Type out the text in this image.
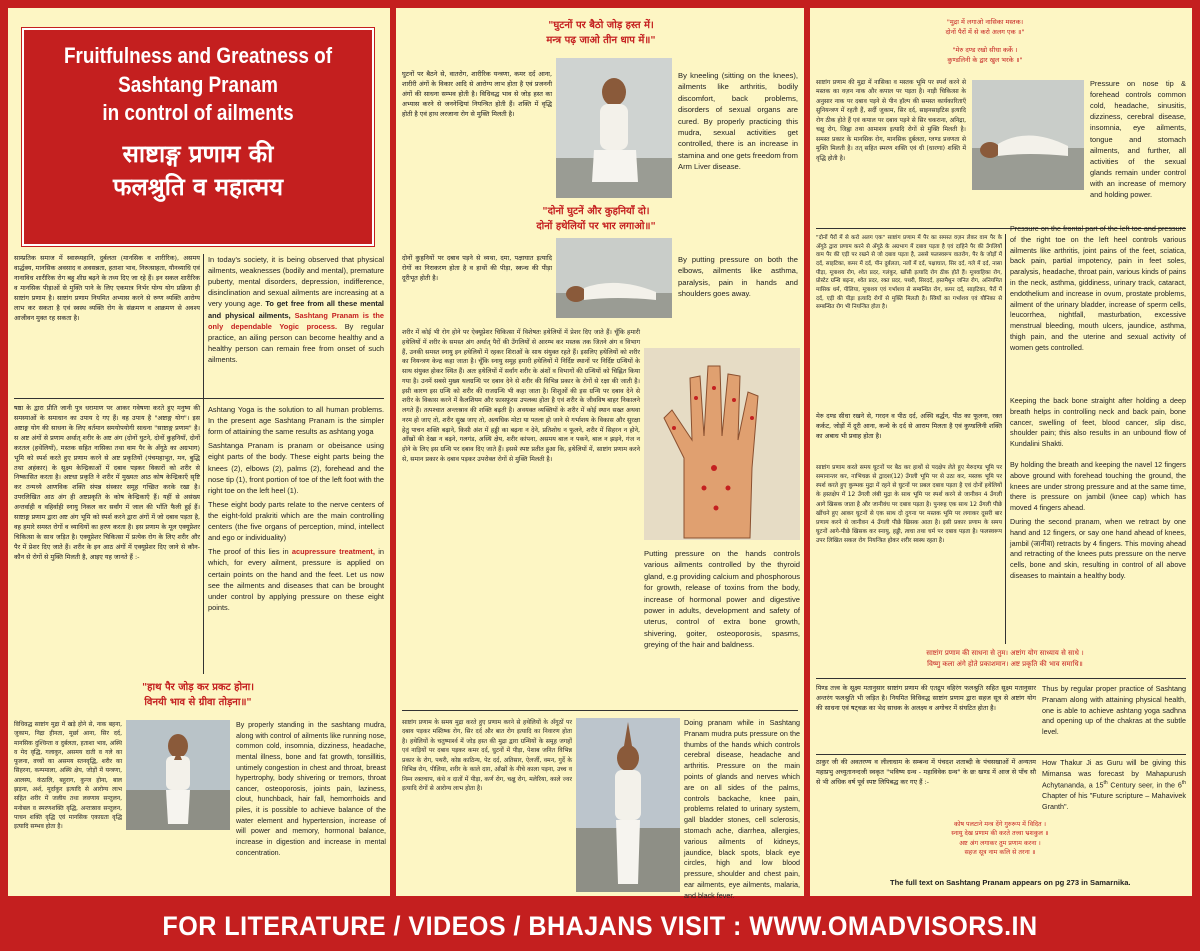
Fruitfulness and Greatness of
Sashtang Pranam
in control of ailments
साष्टाङ्ग प्रणाम की
फलश्रुति व महात्मय
साम्प्रतिक समाज में स्वास्थ्यहानि, दुर्बलता (मानसिक व शारीरिक), असमय वार्द्धक्य, मानसिक अवसाद व अवसन्नता, हताशा भाव, निरुत्साहता, यौनव्याधि एवं नानाविध शारीरिक रोग बहु शीघ्र बढ़ने के तथ्य दिए जा रहे हैं। इन सकल शारीरिक व मानसिक पीड़ाओं से मुक्ति पाने के लिए एकमात्र निर्भर योग्य योग प्रक्रिया ही साष्टांग प्रणाम है। साष्टांग प्रणाम नियमित अभ्यास करने से रुग्ण व्यक्ति आरोग्य लाभ कर सकता है एवं स्वस्थ व्यक्ति रोग के संक्रमण व आक्रमण से अवश्य आजीवन मुक्त रह सकता है।
In today's society, it is being observed that physical ailments, weaknesses (bodily and mental), premature puberty, mental disorders, depression, indifference, disinclination and sexual ailments are increasing at a very young age. To get free from all these mental and physical ailments, Sashtang Pranam is the only dependable Yogic process. By regular practice, an ailing person can become healthy and a healthy person can remain free from onset of such ailments.
षष्ठा के द्वारा प्रीति जानी पुत्र धरामाण पर आकर गवेषणा करते हुए मनुष्य की समस्याओं के समाधान का उपाय दे गए हैं। वह उपाय है "अष्टाङ्ग योग"। इस अष्टाङ्ग योग की साधना के लिए वर्तमान समयोपयोगी साधना "साष्टाङ्ग प्रणाम" है। स अष्ट अंगों से प्रणाम अर्थात् शरीर के अष्ट अंग (दोनों घुटने, दोनों कुहनियाँ, दोनों करतल (हथेलियाँ), मस्तक सहित नासिका तथा वाम पैर के अँगूठे का अग्रभाग) भूमि को स्पर्श करते हुए प्रणाम करने से अष्ट प्रकृतियों (पंचमहाभूत, मन, बुद्धि तथा अहंकार) के सूक्ष्म केन्द्रिकाओं में दबाव पड़कर विकारों को शरीर से निष्कासित करता है। अष्टधा प्रकृति ने शरीर में मुख्यतः आठ कोष केन्द्रिकाएँ सृष्टि कर तन्मध्ये आणविक शक्ति संपन्न संस्कार समूह गच्छित करके रखा है। उपरलिखित आठ अंग ही अष्टप्रकृति के कोष केन्द्रिकाएँ हैं। यहीं से असंख्य अन्तर्वाही व वहिर्वाही स्नायु निकल कर सर्वांग में जाल की भाँति फैली हुई हैं। साष्टाङ्ग प्रणाम द्वारा अष्ट अंग भूमि को स्पर्श करने द्वारा अंगों में जो दबाव पड़ता है, वह हमारे समस्त रोगों व व्याधियों का हरण करता है। इस प्रणाम के मूल एक्यूप्रेशर चिकित्सा के साथ जड़ित है। एक्यूप्रेशर चिकित्सा में प्रत्येक रोग के लिए शरीर और पैर में प्रेशर दिए जाते हैं। शरीर के इन आठ अंगों में एक्यूप्रेशर दिए जाने से कौन-कौन से रोगों से मुक्ति मिलती है, आइए यह जानते हैं :-

Ashtang Yoga is the solution to all human problems. In the present age Sashtang Pranam is the simpler form of attaining the same results as ashtang yoga

Sashtanga Pranam is pranam or obeisance using eight parts of the body. These eight parts being the knees (2), elbows (2), palms (2), forehead and the nose tip (1), front portion of toe of the left foot with the right toe on the left heel (1).

These eight body parts relate to the nerve centers of the eight-fold prakriti which are the main controlling centers (the five organs of perception, mind, intellect and ego or individuality)

The proof of this lies in acupressure treatment, in which, for every ailment, pressure is applied on certain points on the hand and the feet. Let us now see the ailments and diseases that can be brought under control by applying pressure on these eight points.

"हाथ पैर जोड़ कर प्रकट होना।
विनयी भाव से ग्रीवा तोड़ना॥"
विधिवद्ध साष्टांग मुद्रा में खड़े होने से, नाक बहना, जुकाम, निद्रा हीनता, मूर्छा आना, सिर दर्द, मानसिक दुश्चिन्ता व दुर्बलता, हताशा भाव, अस्थि व मेद वृद्धि, गलाकुर, असमय दाती व गले का फूलना, वच्चों का असमय स्तनवृद्धि, शरीर का सिहरना, कम्पमाला, अस्थि क्षेय, जोड़ों में यन्त्रणा, आलस्य, कंठालि, बहुराग, कुन्ज होना, बाल झड़ना, अर्श, मूर्दाकुर इत्यादि से आरोग्य लाभ सहित शरीर में जलीय तथा लवणाय सन्तुलन, मनोबल व स्मरणशक्ति वृद्धि, अन्तःस्राव सन्तुलन, पाचन शक्ति वृद्धि एवं मानसिक एकाग्रता वृद्धि इत्यादि सम्भव होता है।
By properly standing in the sashtang mudra, along with control of ailments like running nose, common cold, insomnia, dizziness, headache, mental illness, bone and fat growth, tonsillitis, untimely congestion in chest and throat, breast hypertrophy, body shivering or tremors, throat cancer, osteoporosis, joints pain, laziness, clout, hunchback, hair fall, hemorrhoids and piles, it is possible to achieve balance of the water element and hypertension, increase of will power and memory, hormonal balance, increase in digestion and increase in mental concentration.
"घुटनों पर बैठो जोड़ हस्त में।
मन्त्र पढ़ जाओ तीन धाप में॥"
घुटनों पर बैठने से, वातरोग, शारीरिक यन्त्रणा, कमर दर्द आना, शारीरी अंगों के विकार आदि से आरोग्य लाभ होता है एवं प्रजननी अंगों की साधना सम्भव होती है। विधिवद्ध भाव से जोड़ हस्त का अभ्यास करने से जननेन्द्रियां नियन्त्रित होती हैं। शक्ति में वृद्धि होती है एवं हाथ लरजाना रोग से मुक्ति मिलती है।
By kneeling (sitting on the knees), ailments like arthritis, bodily discomfort, back problems, disorders of sexual organs are cured. By properly practicing this mudra, sexual activities get controlled, there is an increase in stamina and one gets freedom from Arm Liver disease.
"दोनों घुटनें और कुहनियाँ दो।
दोनों हथेलियों पर भार लगाओ॥"
दोनों कुहनियों पर दबाव पड़ने से व्यथा, दमा, पक्षाघात इत्यादि रोगों का निराकरण होता है व हाथों की पीड़ा, स्कन्ध की पीड़ा दूरीभूत होती है।
By putting pressure on both the elbows, ailments like asthma, paralysis, pain in hands and shoulders goes away.
शरीर में कोई भी रोग होने पर ऐक्यूप्रेशर चिकित्सा में विशेषतः हथेलियों में प्रेशर दिए जाते हैं। चूँकि हमारी हथेलियों में शरीर के समस्त अंग अर्थात् पैरों की उँगलियों से आरम्भ कर मस्तक तक जितने अंग व विभाग हैं, उनकी समस्त स्नायु इन हथेलियों में रहकर शिराओं के साथ संयुक्त रहते हैं। इसलिए हथेलियों को शरीर का नियन्त्रण केन्द्र कहा जाता है। चूँकि स्नायु समूह हमारी हथेलियों में निर्दिष्ट स्थानों पर निर्दिष्ट ग्रन्थियों के साथ संयुक्त होकर स्थित हैं। अतः हथेलियों में सर्वांग शरीर के अंशों व विभागों की ग्रन्थियों को चिह्नित किया गया है। उनमें सबसे मुख्य थलग्रन्थि पर दबाव देने से शरीर की विभिन्न प्रकार के रोगों से रक्षा की जाती है। इसी कारण इस ग्रन्थि को शरीर की राजग्रन्थि भी कहा जाता है। शिशुओं की इस ग्रन्थि पर दबाव देने से शरीर के विकास करने में कैलशियम और फ़ासफ़ुरस उपलब्ध होता है एवं शरीर के जीवविष बाहर निकालने लगते हैं। तत्पश्चात अन्तःस्राव की शक्ति बढ़ती है। अवयक्त व्यक्तियों के शरीर में कोई स्थान सख्त अथवा नरम हो जाए तो, शरीर सुख जाए तो, अत्यधिक मोटा या पतला हो जाने से गर्भाशय के विकास और सुरक्षा हेतु पाचन शक्ति बढ़ाने, किसी अंश में हड्डी का बढ़ना न देने, प्रतिशोध न फूलने, शरीर में सिहरन न होने, आँखों की देखा न बढ़ने, गलगंड, अस्थि क्षेय, शरीर कांपना, असमय बाल न पकने, बाल न झड़ने, गंज न होने के लिए इस ग्रन्थि पर दबाव दिए जाते हैं। इससे स्पष्ट प्रतीत हुआ कि, हथेलियों में, साष्टांग प्रणाम करने से, समान प्रकार के दबाव पड़कर उपरोक्त रोगों से मुक्ति मिलती है।
Putting pressure on the hands controls various ailments controlled by the thyroid gland, e.g providing calcium and phosphorous for growth, release of toxins from the body, increase of hormonal power and digestive power in adults, development and safety of uterus, control of extra bone growth, shivering, goiter, osteoporosis, spasms, greying of the hair and baldness.
साष्टांग प्रणाम के समय मुद्रा करते हुए प्रणाम करने से हथेलियों के अँगूठों पर दबाव पड़कर मस्तिष्क रोग, सिर दर्द और बात रोग इत्यादि का निवारण होता है। हथेलियों के चतुष्पार्श्व में जोड़ हस्त की मुद्रा द्वारा ग्रन्थियों के समूह जगहों एवं नाड़ियों पर दबाव पड़कर कमर दर्द, घुटनों में पीड़ा, पेशाब जनित विभिन्न प्रकार के रोग, पथरी, कोष्ठ काठिन्य, पेट दर्द, अतिसार, ऐलर्जी, वमन, गुर्दे के विभिन्न रोग, पीलिया, शरीर के काले दाग़, आँखों के नीचे काला पड़ना, उच्च व निम्न रक्तचाप, कंधे व दातों में पीड़ा, कर्ण रोग, चक्षु रोग, मलेरिया, काले ज्वर इत्यादि रोगों से आरोग्य लाभ होता है।
Doing pranam while in Sashtang Pranam mudra puts pressure on the thumbs of the hands which controls cerebral disease, headache and arthritis. Pressure on the main points of glands and nerves which are on all sides of the palms, controls backache, knee pain, problems related to urinary system, gall bladder stones, cell sclerosis, stomach ache, diarrhea, allergies, various ailments of kidneys, jaundice, black spots, black eye circles, high and low blood pressure, shoulder and chest pain, ear ailments, eye ailments, malaria, and black fever.
"मुद्रा में लगाओ नासिका मस्तक।
दोनों पैरों में से करो अलग एक ॥"
"मेरु दण्ड रखो सीधा कर्के ।
कुण्डलिनी के द्वार खुल भरके ॥"
साष्टांग प्रणाम की मुद्रा में नासिका व मस्तक भूमि पर स्पर्श करने से मस्तक का वज़न नाक और कपाल पर पड़ता है। नाड़ी चिकित्सा के अनुसार नाक पर दबाव पड़ने से पीन हॉल्प की समस्त कार्यकारिताएँ सुनियन्त्रण में रहती हैं, सर्दी जुकाम, सिर दर्द, साइनसाइटिस इत्यादि रोग ठीक होते हैं एवं कपाल पर दबाव पड़ने से सिर चकराना, अनिद्रा, चक्षु रोग, जिह्वा तथा आमाशय इत्यादि रोगों से मुक्ति मिलती है। समस्त प्रकार के मानसिक रोग, मानसिक दुर्बलता, ग्लण्ड प्रवणता से मुक्ति मिलती है। तत् सहित स्मरण शक्ति एवं धी (धारणा) शक्ति में वृद्धि होती है।
Pressure on nose tip & forehead controls common cold, headache, sinusitis, dizziness, cerebral disease, insomnia, eye ailments, tongue and stomach ailments, and further, all activities of the sexual glands remain under control with an increase of memory and holding power.
"दोनों पैरों में से करो अलग एक" साष्टांग प्रणाम में पैर का समस्त वज़न लेकर वाम पैर के अँगूठे द्वारा प्रणाम करने से अँगूठे के अग्रभाग में दबाव पड़ता है एवं दाहिने पैर की उँगलियों वाम पैर की एड़ी पर रखने से जो दबाव पड़ता है, उससे फलस्वरूप वातरोग, पैर के जोड़ों में दर्द, साइटिका, कमर में दर्द, पीन दुर्बलता, नलों में दर्द, पक्षाघात, सिर दर्द, गले में दर्द, नासा पीड़ा, मूत्राशय रोग, श्वेत प्रदर, गलंकुर, खाँसी इत्यादि रोग ठीक होते हैं। मूत्रवाहिका रोग, प्रोस्टेट ग्रन्थि बढ़ना, श्वेत प्रदर, रक्त प्रदर, पथरी, सिरदर्द, हस्तमैथुन जनित रोग, अनियमित मासिक धर्म, पीलिया, मूत्राशय एवं गर्भाशय से सम्बन्धित रोग, कमर दर्द, साइटिका, पैरों में दर्द, एड़ी की पीड़ा इत्यादि रोगों से मुक्ति मिलती है। स्त्रियों का गर्भाशय एवं यौनिका से सम्बन्धित रोग भी नियन्त्रित होता है।
Pressure on the frontal part of the left toe and pressure of the right toe on the left heel controls various ailments like arthritis, joint pains of the feet, sciatica, back pain, partial impotency, pain in feet soles, paralysis, headache, throat pain, various kinds of pains in the neck, asthma, giddiness, urinary track, cataract, endothelium and increase in ovum, prostate problems, ailment of the urinary bladder, increase of sperm cells, leucorrhea, nightfall, masturbation, excessive menstrual bleeding, mouth ulcers, jaundice, asthma, thigh pain, and the uterine and sexual activity of women gets controlled.
मेरु दण्ड सीधा रखने से, गरदन व पीठ दर्द, अस्थि वर्द्धन, पीठ का फूलना, रक्त कर्कट, जोड़ों में दूरी आना, कन्धे के दर्द से आराम मिलता है एवं कुण्डलिनी शक्ति का अबाध भी प्रवाह होता है।
Keeping the back bone straight after holding a deep breath helps in controlling neck and back pain, bone cancer, swelling of feet, blood cancer, slip disc, shoulder pain; this also results in an unbound flow of Kundalini Shakti.
साष्टांग प्रणाम करते समय घुटनों पर बैठ कर हाथों से पदक्षेप लेते हुए मेरुदण्ड भूमि पर समानान्तर कर, नाभिचक्र से द्वादश(12) उँगली भूमि पर से उठा कर, मस्तक भूमि पर स्पर्श करते हुए कुम्भक मुद्रा में रहने से घुटनों पर प्रबल दबाव पड़ता है एवं दोनों हथेलियों के हस्तक्षेप में 12 उँगली लंबी मुद्रा के साथ भूमि पर स्पर्श करने से जानीवन 4 उँगली आगे खिसक जाता है और जानीवंध पर दबाव पड़ता है। पुनरुह एक साथ 12 उँगली पीछे खींचने हुए आकर घुटनों से एक साथ दो दुगना पर मस्तक भूमि पर लगाकर दूसरी बार प्रणाम करने से जानीवन 4 उँगली पीछे खिसक आता है। इसी प्रकार प्रणाम के समय घुटनों आगे-पीछे खिसक कर स्नायु, हड्डी, त्वचा तथा चर्म पर दबाव पड़ता है। फलस्वरूप उपर लिखित सकल रोग नियन्त्रित होकर शरीर स्वस्थ रहता है।

By holding the breath and keeping the navel 12 fingers above ground with forehead touching the ground, the knees are under strong pressure and at the same time, there is pressure on jambil (knee cap) which has moved 4 fingers ahead.

During the second pranam, when we retract by one hand and 12 fingers, or say one hand ahead of knees, jambil (जानीवा) retracts by 4 fingers. This moving ahead and retracting of the knees puts pressure on the nerve cells, bone and skin, resulting in control of all above diseases to maintain a healthy body.

साष्टांग प्रणाम की साधना से तुम। अष्टांग योग साध्याय से साधे ।
विष्णु कला अंगे होते प्रकाशमान। अष्ट प्रकृति की भाव समाधि॥
पिण्ड तत्त्व के सूक्ष्म मतानुसार साष्टांग प्रणाम की एतद्रुप वहिरंग फलश्रुति सहित सूक्ष्म मतानुसार अन्तरंग फलश्रुति भी जड़ित है। नियमित विधिवद्ध साष्टांग प्रणाम द्वारा सहज सूत्र से अष्टांग योग की साधना एवं षट्चक्र का भेद साधक के अलक्ष्य व अगोचर में संघटित होता है।
Thus by regular proper practice of Sashtang Pranam along with attaining physical health, one is able to achieve ashtang yoga sadhna and opening up of the chakras at the subtle level.
ठाकुर जी की अवतरण्य व लीलाधाम के सम्बन्ध में पंचदश शताब्दी के पंचसखाओं में अन्यतम महाप्रभु अच्युतानन्दजी स्वकृत "भविष्य ग्रन्थ - महाविवेक ग्रन्थ" के छः खण्ड में आज से पाँच सौ से भी अधिक वर्ष पूर्व स्पष्ट लिपिबद्ध कर गए हैं :-
How Thakur Ji as Guru will be giving this Mimansa was forecast by Mahapurush Achytananda, a 15th Century seer, in the 6th Chapter of his "Future scripture – Mahavivek Granth".
कोष पलटाने मन्त्र देंगे गुरुरूप में विदित ।
स्नायु देख प्रणाम की करते तत्त्वा भ्रशकुल ॥
अष्ट अंग लगाकर तुम प्रणाम करना ।
सहज सूत्र नाम कलि से तरना ॥
The full text on Sashtang Pranam appears on pg 273 in Samarnika.
FOR LITERATURE / VIDEOS / BHAJANS VISIT : WWW.OMADVISORS.IN
